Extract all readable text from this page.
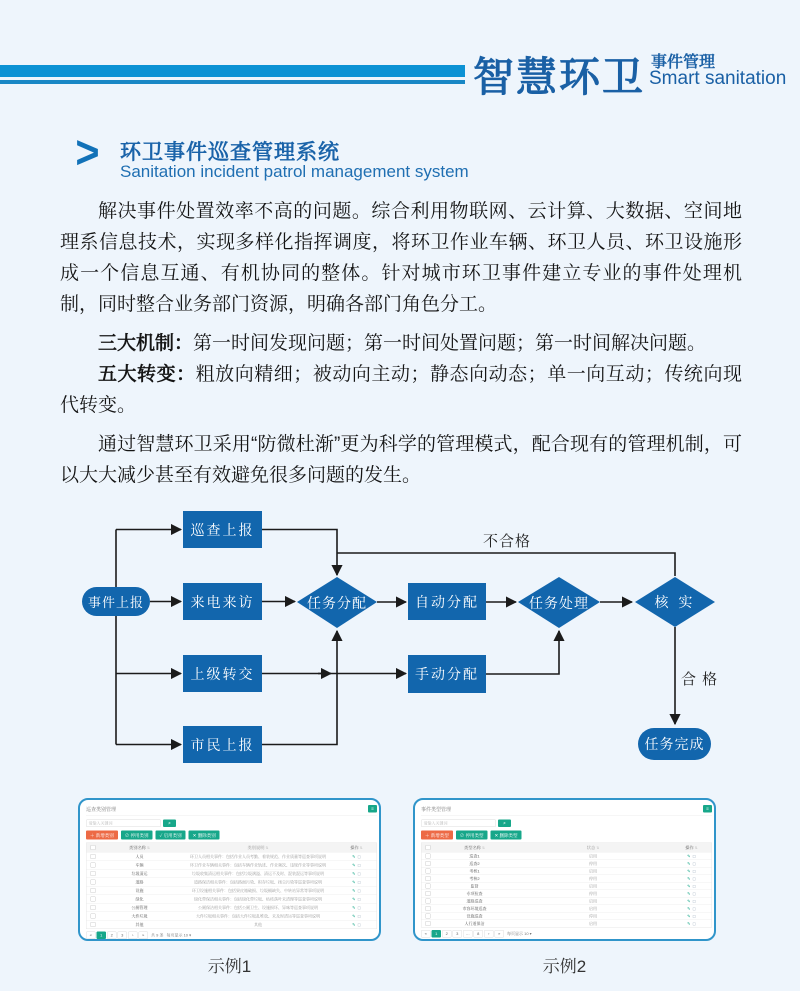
智慧环卫 事件管理
Smart sanitation
> 环卫事件巡查管理系统
Sanitation incident patrol management system

解决事件处置效率不高的问题。综合利用物联网、云计算、大数据、空间地理系信息技术，实现多样化指挥调度，将环卫作业车辆、环卫人员、环卫设施形成一个信息互通、有机协同的整体。针对城市环卫事件建立专业的事件处理机制，同时整合业务部门资源，明确各部门角色分工。

三大机制：第一时间发现问题；第一时间处置问题；第一时间解决问题。

五大转变：粗放向精细；被动向主动；静态向动态；单一向互动；传统向现代转变。

通过智慧环卫采用“防微杜渐”更为科学的管理模式，配合现有的管理机制，可以大大减少甚至有效避免很多问题的发生。

事件上报
巡查上报
来电来访
上级转交
市民上报
任务分配	自动分配
手动分配
任务处理	核 实
任务完成
不合格
合 格
巡查类别管理	≡
请输入关键词	⌕
＋ 新增类别	⊘ 停用类别	✓ 启用类别	✕ 删除类别
类别名称⇅	类别说明⇅	操作⇅
人员	环卫人员相关事件：包括作业人员考勤、着装规范、作业质量等巡查事项说明	✎ ◻
车辆	环卫作业车辆相关事件：包括车辆作业轨迹、作业频次、违规作业等事项说明	✎ ◻
垃圾清运	垃圾收集清运相关事件：包括垃圾满溢、清运不及时、混装混运等事项说明	✎ ◻
道路	道路保洁相关事件：包括路面污染、积存垃圾、扬尘污染等巡查事项说明	✎ ◻
设施	环卫设施相关事件：包括果皮箱破损、垃圾桶缺失、中转站异常等事项说明	✎ ◻
绿化	绿化带保洁相关事件：包括绿化带垃圾、枯枝落叶未清理等巡查事项说明	✎ ◻
公厕管理	公厕保洁相关事件：包括公厕卫生、设施损坏、异味等巡查事项说明	✎ ◻
大件垃圾	大件垃圾相关事件：包括大件垃圾乱堆放、未及时清运等巡查事项说明	✎ ◻
其他	其他	✎ ◻
«	1	2	3	›	» 共 9 条 每页显示 10 ▾
事件类型管理	≡
请输入关键词	⌕
＋ 新增类型	⊘ 停用类型	✕ 删除类型
类型名称⇅	状态⇅	操作⇅
巡查1	启用	✎ ◻
巡查2	停用	✎ ◻
考核1	启用	✎ ◻
考核2	停用	✎ ◻
监督	启用	✎ ◻
专项检查	停用	✎ ◻
道路巡查	启用	✎ ◻
市容环境巡查	启用	✎ ◻
设施巡查	停用	✎ ◻
人行道保洁	启用	✎ ◻
«	1	2	3 … 8	›	» 每页显示 10 ▾
示例1	示例2
